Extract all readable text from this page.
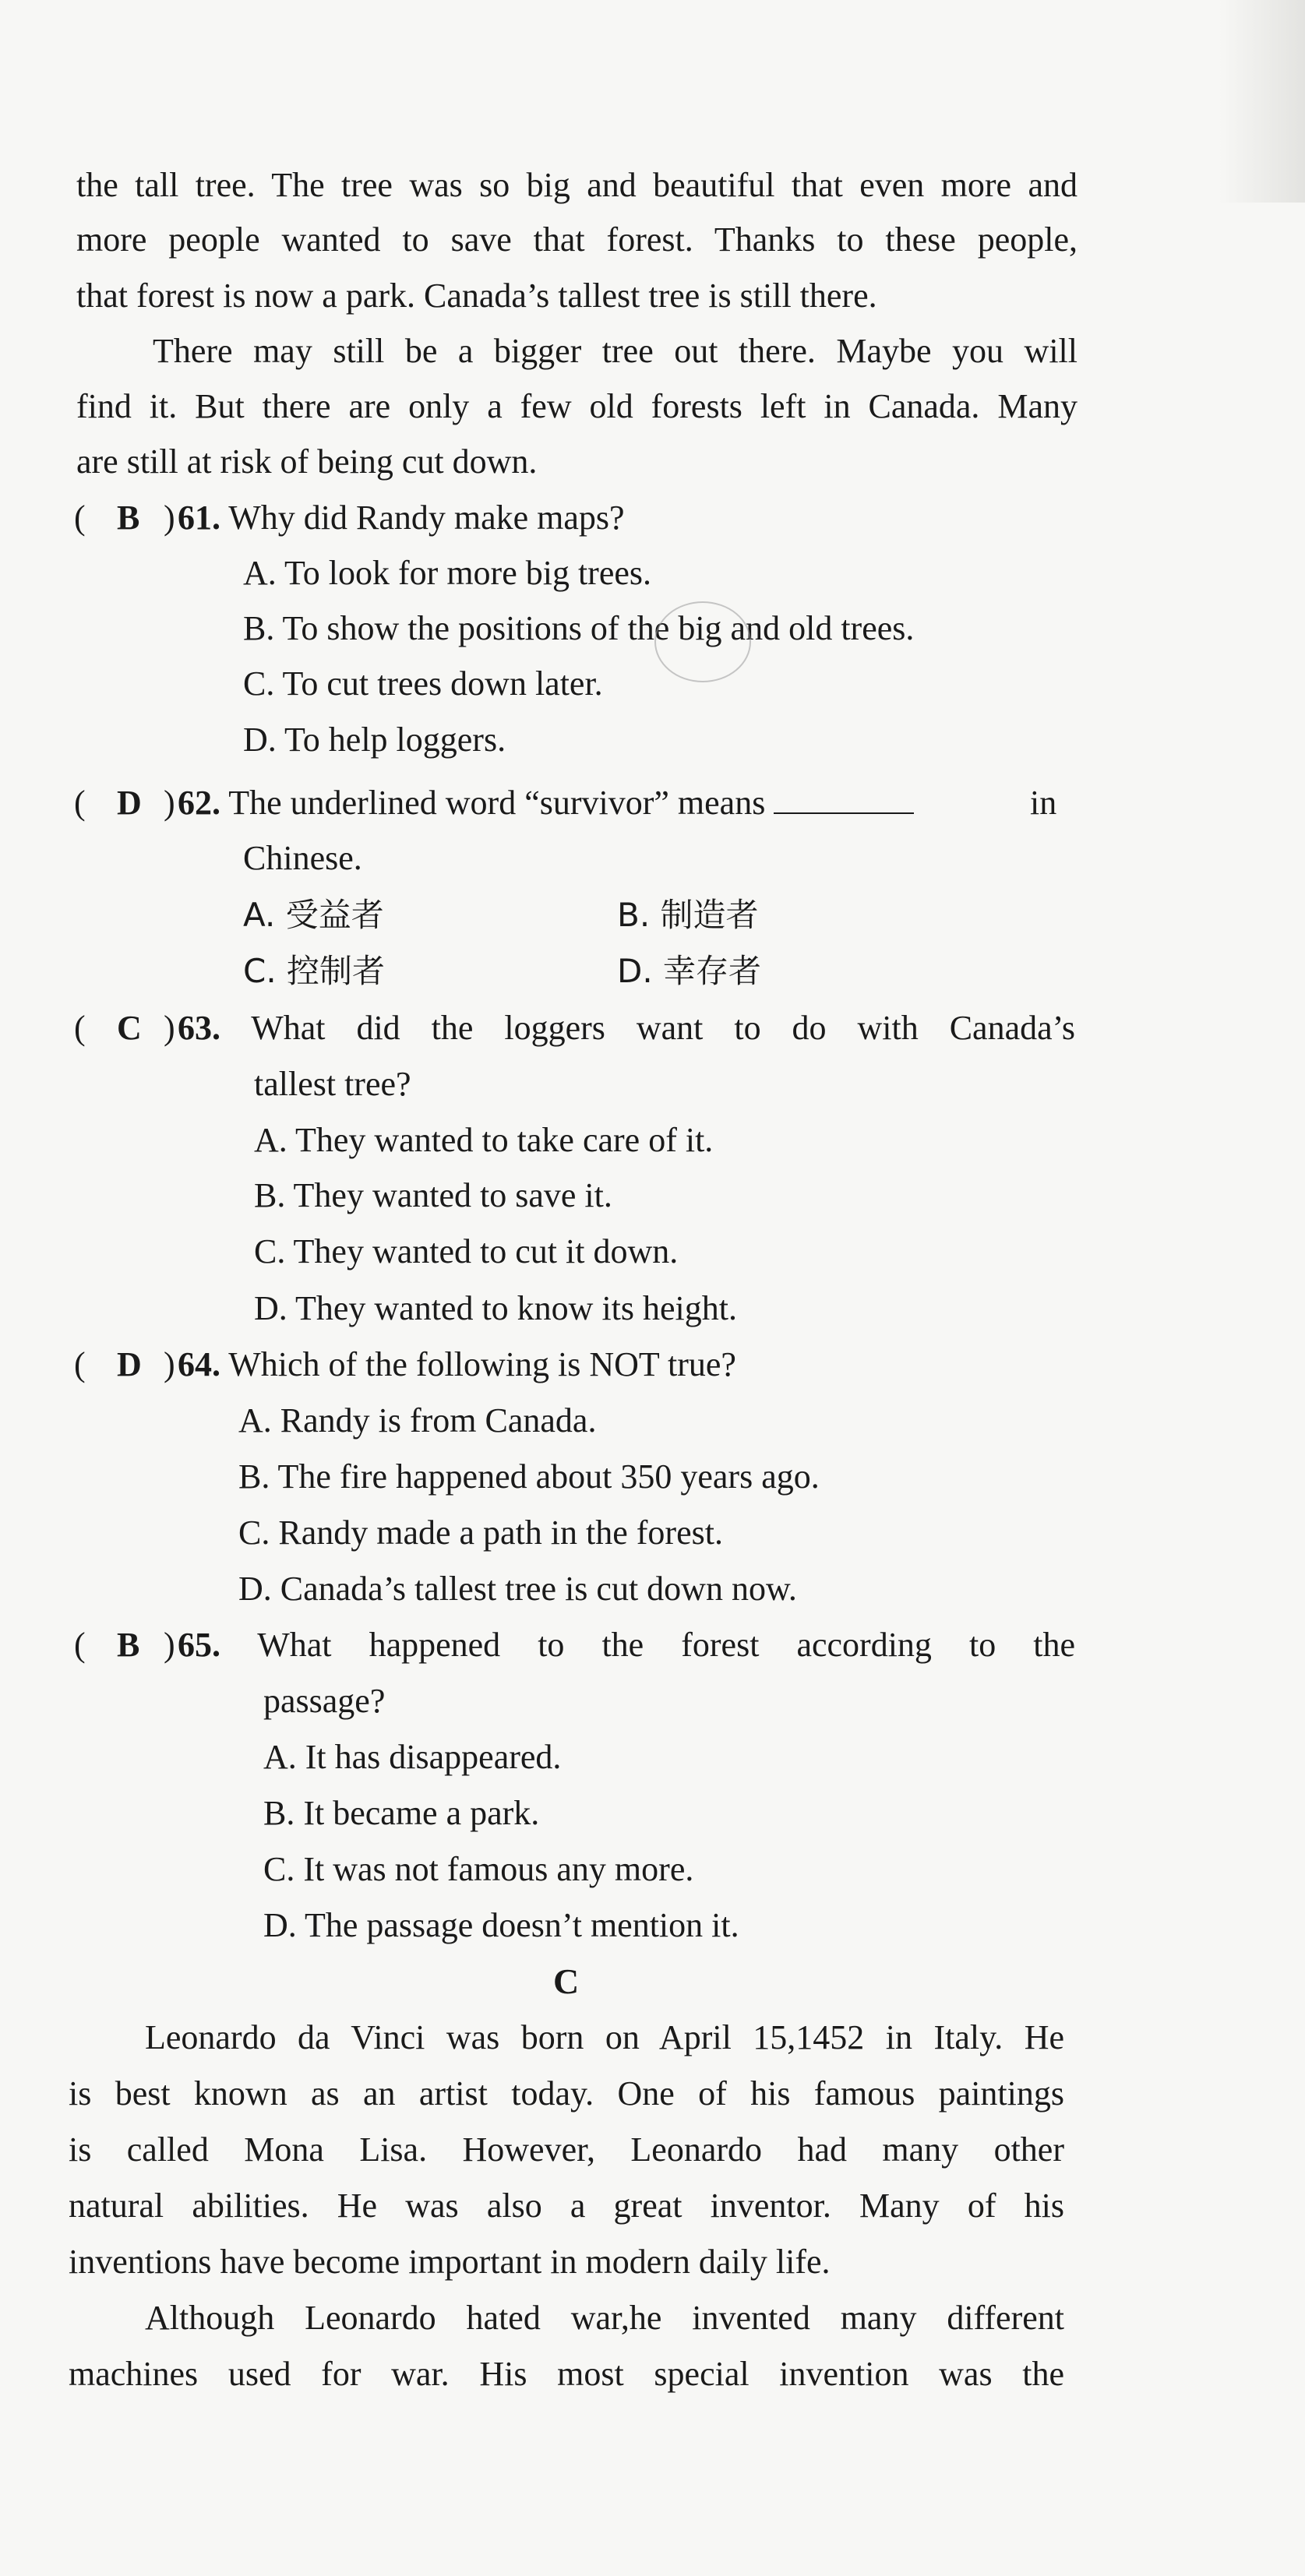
the tall tree. The tree was so big and beautiful that even more and
more people wanted to save that forest. Thanks to these people,
that forest is now a park. Canada’s tallest tree is still there.
There may still be a bigger tree out there. Maybe you will
find it. But there are only a few old forests left in Canada. Many
are still at risk of being cut down.
( B ) 61. Why did Randy make maps?
A. To look for more big trees.
B. To show the positions of the big and old trees.
C. To cut trees down later.
D. To help loggers.
( D ) 62. The underlined word “survivor” means	in
Chinese.
A. 受益者	B. 制造者
C. 控制者	D. 幸存者
( C ) 63. What did the loggers want to do with Canada’s
tallest tree?
A. They wanted to take care of it.
B. They wanted to save it.
C. They wanted to cut it down.
D. They wanted to know its height.
( D ) 64. Which of the following is NOT true?
A. Randy is from Canada.
B. The fire happened about 350 years ago.
C. Randy made a path in the forest.
D. Canada’s tallest tree is cut down now.
( B ) 65. What happened to the forest according to the
passage?
A. It has disappeared.
B. It became a park.
C. It was not famous any more.
D. The passage doesn’t mention it.
C
Leonardo da Vinci was born on April 15,1452 in Italy. He
is best known as an artist today. One of his famous paintings
is called Mona Lisa. However, Leonardo had many other
natural abilities. He was also a great inventor. Many of his
inventions have become important in modern daily life.
Although Leonardo hated war,he invented many different
machines used for war. His most special invention was the
